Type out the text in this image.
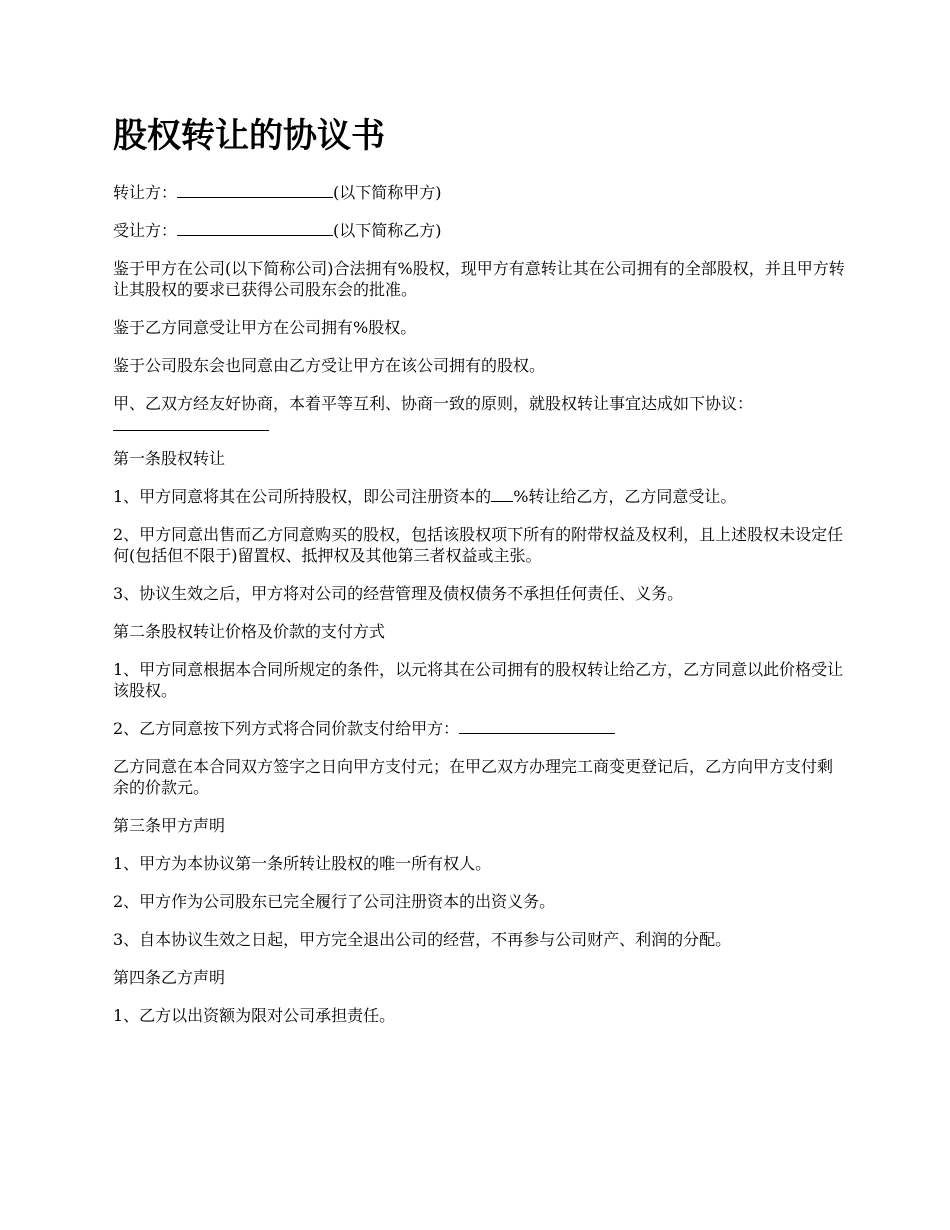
股权转让的协议书

转让方：	(以下简称甲方)

受让方：	(以下简称乙方)

鉴于甲方在公司(以下简称公司)合法拥有%股权，现甲方有意转让其在公司拥有的全部股权，并且甲方转让其股权的要求已获得公司股东会的批准。

鉴于乙方同意受让甲方在公司拥有%股权。

鉴于公司股东会也同意由乙方受让甲方在该公司拥有的股权。

甲、乙双方经友好协商，本着平等互利、协商一致的原则，就股权转让事宜达成如下协议：

第一条股权转让

1、甲方同意将其在公司所持股权，即公司注册资本的 %转让给乙方，乙方同意受让。

2、甲方同意出售而乙方同意购买的股权，包括该股权项下所有的附带权益及权利，且上述股权未设定任何(包括但不限于)留置权、抵押权及其他第三者权益或主张。

3、协议生效之后，甲方将对公司的经营管理及债权债务不承担任何责任、义务。

第二条股权转让价格及价款的支付方式

1、甲方同意根据本合同所规定的条件，以元将其在公司拥有的股权转让给乙方，乙方同意以此价格受让该股权。

2、乙方同意按下列方式将合同价款支付给甲方：

乙方同意在本合同双方签字之日向甲方支付元；在甲乙双方办理完工商变更登记后，乙方向甲方支付剩余的价款元。

第三条甲方声明

1、甲方为本协议第一条所转让股权的唯一所有权人。

2、甲方作为公司股东已完全履行了公司注册资本的出资义务。

3、自本协议生效之日起，甲方完全退出公司的经营，不再参与公司财产、利润的分配。

第四条乙方声明

1、乙方以出资额为限对公司承担责任。
